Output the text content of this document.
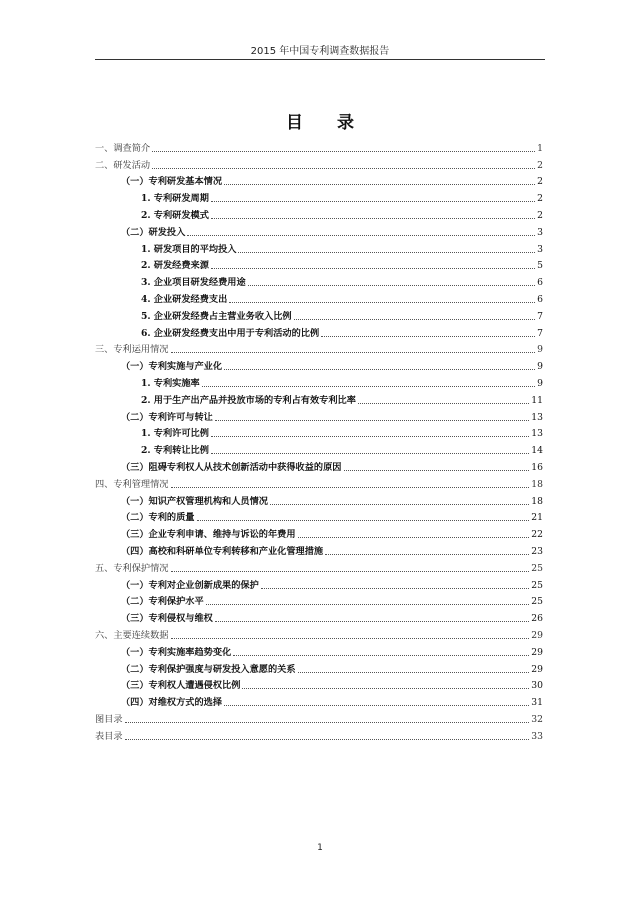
2015 年中国专利调查数据报告
目 录
一、调查简介	1
二、研发活动	2
（一）专利研发基本情况	2
1. 专利研发周期	2
2. 专利研发模式	2
（二）研发投入	3
1. 研发项目的平均投入	3
2. 研发经费来源	5
3. 企业项目研发经费用途	6
4. 企业研发经费支出	6
5. 企业研发经费占主营业务收入比例	7
6. 企业研发经费支出中用于专利活动的比例	7
三、专利运用情况	9
（一）专利实施与产业化	9
1. 专利实施率	9
2. 用于生产出产品并投放市场的专利占有效专利比率	11
（二）专利许可与转让	13
1. 专利许可比例	13
2. 专利转让比例	14
（三）阻碍专利权人从技术创新活动中获得收益的原因	16
四、专利管理情况	18
（一）知识产权管理机构和人员情况	18
（二）专利的质量	21
（三）企业专利申请、维持与诉讼的年费用	22
（四）高校和科研单位专利转移和产业化管理措施	23
五、专利保护情况	25
（一）专利对企业创新成果的保护	25
（二）专利保护水平	25
（三）专利侵权与维权	26
六、主要连续数据	29
（一）专利实施率趋势变化	29
（二）专利保护强度与研发投入意愿的关系	29
（三）专利权人遭遇侵权比例	30
（四）对维权方式的选择	31
图目录	32
表目录	33
1
